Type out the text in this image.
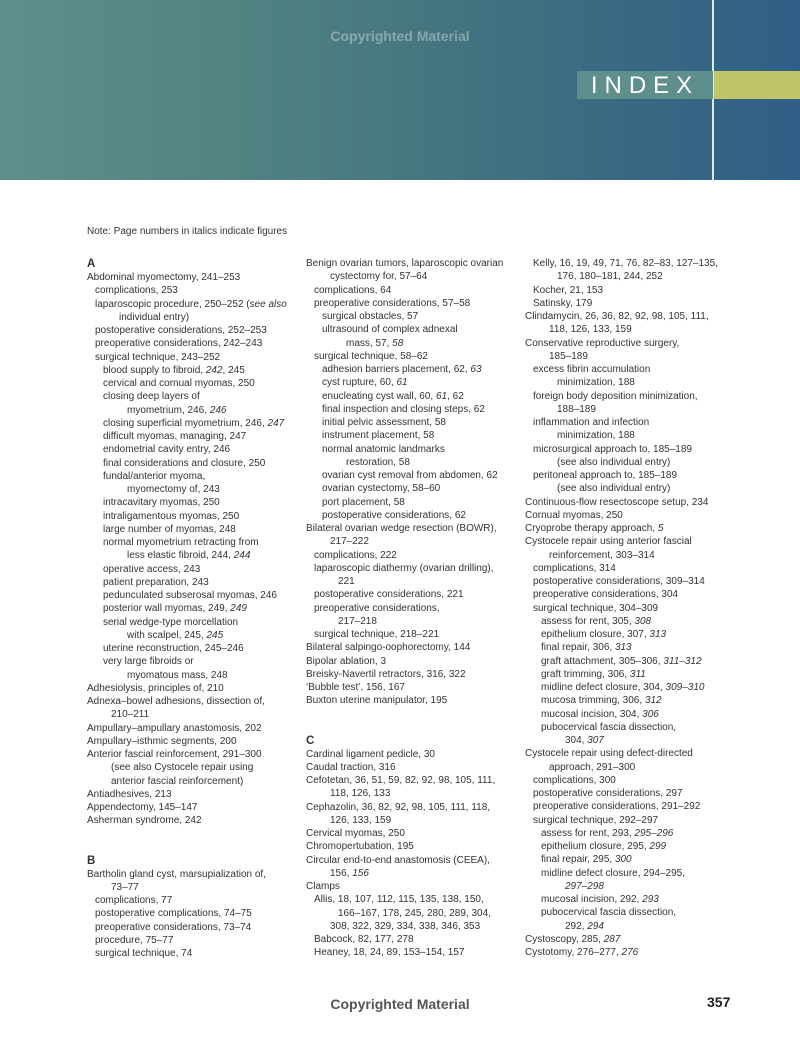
Copyrighted Material
INDEX
Note: Page numbers in italics indicate figures
A
Abdominal myomectomy, 241–253
complications, 253
laparoscopic procedure, 250–252 (see also
individual entry)
postoperative considerations, 252–253
preoperative considerations, 242–243
surgical technique, 243–252
blood supply to fibroid, 242, 245
cervical and cornual myomas, 250
closing deep layers of
myometrium, 246, 246
closing superficial myometrium, 246, 247
difficult myomas, managing, 247
endometrial cavity entry, 246
final considerations and closure, 250
fundal/anterior myoma,
myomectomy of, 243
intracavitary myomas, 250
intraligamentous myomas, 250
large number of myomas, 248
normal myometrium retracting from
less elastic fibroid, 244, 244
operative access, 243
patient preparation, 243
pedunculated subserosal myomas, 246
posterior wall myomas, 249, 249
serial wedge-type morcellation
with scalpel, 245, 245
uterine reconstruction, 245–246
very large fibroids or
myomatous mass, 248
Adhesiolysis, principles of, 210
Adnexa–bowel adhesions, dissection of,
210–211
Ampullary–ampullary anastomosis, 202
Ampullary–isthmic segments, 200
Anterior fascial reinforcement, 291–300
(see also Cystocele repair using
anterior fascial reinforcement)
Antiadhesives, 213
Appendectomy, 145–147
Asherman syndrome, 242
B
Bartholin gland cyst, marsupialization of,
73–77
complications, 77
postoperative complications, 74–75
preoperative considerations, 73–74
procedure, 75–77
surgical technique, 74
Benign ovarian tumors, laparoscopic ovarian
cystectomy for, 57–64
complications, 64
preoperative considerations, 57–58
surgical obstacles, 57
ultrasound of complex adnexal
mass, 57, 58
surgical technique, 58–62
adhesion barriers placement, 62, 63
cyst rupture, 60, 61
enucleating cyst wall, 60, 61, 62
final inspection and closing steps, 62
initial pelvic assessment, 58
instrument placement, 58
normal anatomic landmarks
restoration, 58
ovarian cyst removal from abdomen, 62
ovarian cystectomy, 58–60
port placement, 58
postoperative considerations, 62
Bilateral ovarian wedge resection (BOWR),
217–222
complications, 222
laparoscopic diathermy (ovarian drilling),
221
postoperative considerations, 221
preoperative considerations,
217–218
surgical technique, 218–221
Bilateral salpingo-oophorectomy, 144
Bipolar ablation, 3
Breisky-Navertil retractors, 316, 322
‘Bubble test’, 156, 167
Buxton uterine manipulator, 195
C
Cardinal ligament pedicle, 30
Caudal traction, 316
Cefotetan, 36, 51, 59, 82, 92, 98, 105, 111,
118, 126, 133
Cephazolin, 36, 82, 92, 98, 105, 111, 118,
126, 133, 159
Cervical myomas, 250
Chromopertubation, 195
Circular end-to-end anastomosis (CEEA),
156, 156
Clamps
Allis, 18, 107, 112, 115, 135, 138, 150,
166–167, 178, 245, 280, 289, 304,
308, 322, 329, 334, 338, 346, 353
Babcock, 82, 177, 278
Heaney, 18, 24, 89, 153–154, 157
Kelly, 16, 19, 49, 71, 76, 82–83, 127–135,
176, 180–181, 244, 252
Kocher, 21, 153
Satinsky, 179
Clindamycin, 26, 36, 82, 92, 98, 105, 111,
118, 126, 133, 159
Conservative reproductive surgery,
185–189
excess fibrin accumulation
minimization, 188
foreign body deposition minimization,
188–189
inflammation and infection
minimization, 188
microsurgical approach to, 185–189
(see also individual entry)
peritoneal approach to, 185–189
(see also individual entry)
Continuous-flow resectoscope setup, 234
Cornual myomas, 250
Cryoprobe therapy approach, 5
Cystocele repair using anterior fascial
reinforcement, 303–314
complications, 314
postoperative considerations, 309–314
preoperative considerations, 304
surgical technique, 304–309
assess for rent, 305, 308
epithelium closure, 307, 313
final repair, 306, 313
graft attachment, 305–306, 311–312
graft trimming, 306, 311
midline defect closure, 304, 309–310
mucosa trimming, 306, 312
mucosal incision, 304, 306
pubocervical fascia dissection,
304, 307
Cystocele repair using defect-directed
approach, 291–300
complications, 300
postoperative considerations, 297
preoperative considerations, 291–292
surgical technique, 292–297
assess for rent, 293, 295–296
epithelium closure, 295, 299
final repair, 295, 300
midline defect closure, 294–295,
297–298
mucosal incision, 292, 293
pubocervical fascia dissection,
292, 294
Cystoscopy, 285, 287
Cystotomy, 276–277, 276
Copyrighted Material	357
